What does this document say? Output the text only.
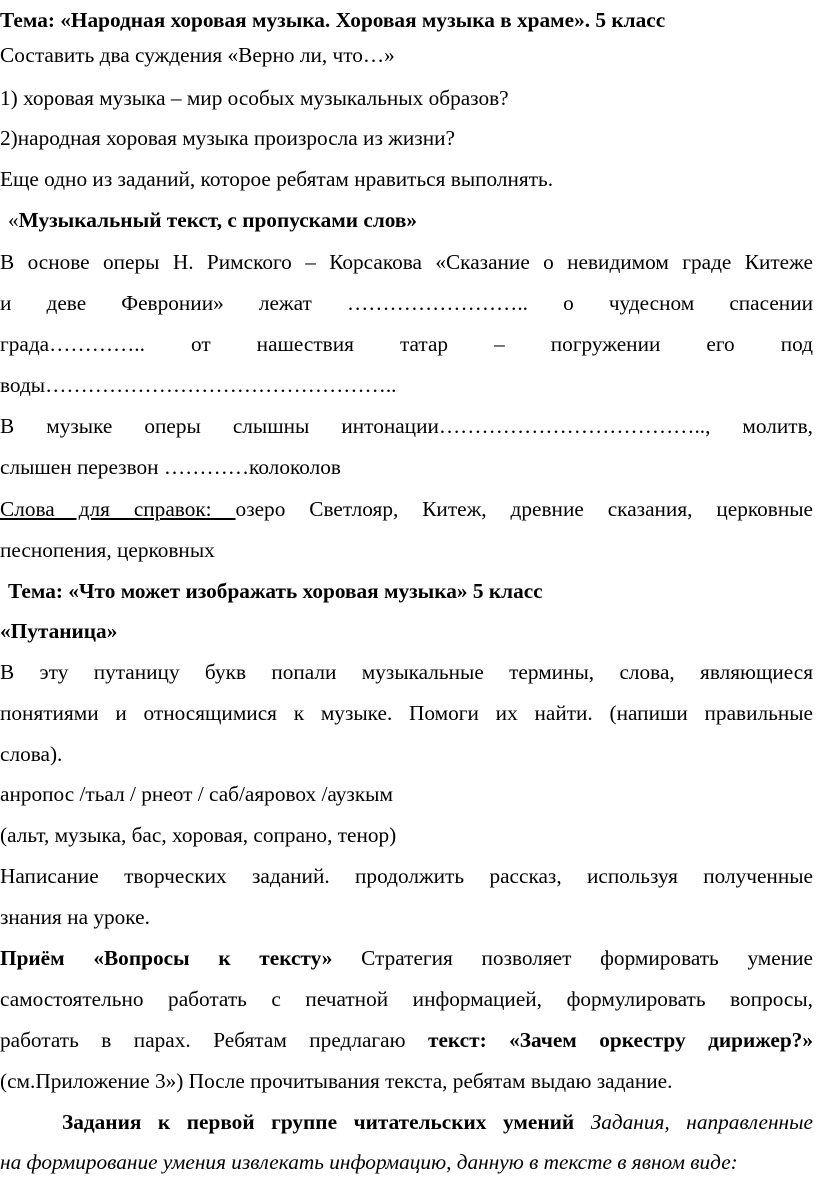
Тема: «Народная хоровая музыка. Хоровая музыка в храме». 5 класс
Составить два суждения «Верно ли, что…»
1) хоровая музыка – мир особых музыкальных образов?
2)народная хоровая музыка произросла из жизни?
Еще одно из заданий, которое ребятам нравиться выполнять.
«Музыкальный текст, с пропусками слов»
В основе оперы Н. Римского – Корсакова «Сказание о невидимом граде Китеже
и деве Февронии» лежат …………………….. о чудесном спасении
града………….. от нашествия татар – погружении его под
воды…………………………………………..
В музыке оперы слышны интонации……………………………….., молитв,
слышен перезвон …………колоколов
Слова для справок: озеро Светлояр, Китеж, древние сказания, церковные
песнопения, церковных
Тема: «Что может изображать хоровая музыка» 5 класс
«Путаница»
В эту путаницу букв попали музыкальные термины, слова, являющиеся
понятиями и относящимися к музыке. Помоги их найти. (напиши правильные
слова).
анропос /тьал / рнеот / саб/аяровох /аузкым
(альт, музыка, бас, хоровая, сопрано, тенор)
Написание творческих заданий. продолжить рассказ, используя полученные
знания на уроке.
Приём «Вопросы к тексту» Стратегия позволяет формировать умение
самостоятельно работать с печатной информацией, формулировать вопросы,
работать в парах. Ребятам предлагаю текст: «Зачем оркестру дирижер?»
(см.Приложение 3») После прочитывания текста, ребятам выдаю задание.
Задания к первой группе читательских умений Задания, направленные
на формирование умения извлекать информацию, данную в тексте в явном виде:
